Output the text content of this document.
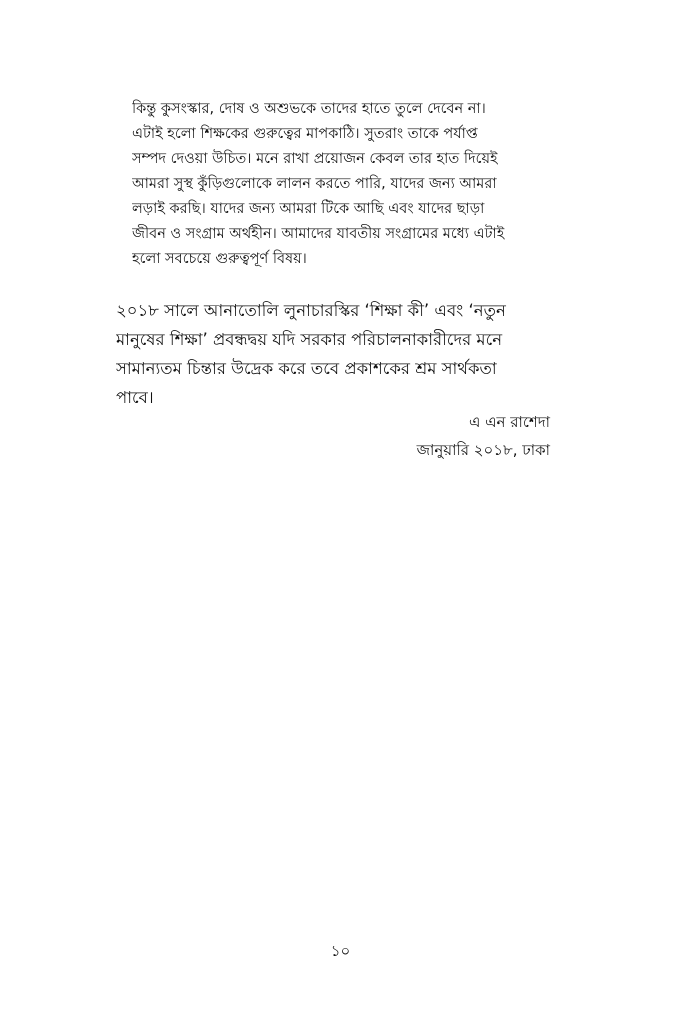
কিন্তু কুসংস্কার, দোষ ও অশুভকে তাদের হাতে তুলে দেবেন না।
এটাই হলো শিক্ষকের গুরুত্বের মাপকাঠি। সুতরাং তাকে পর্যাপ্ত
সম্পদ দেওয়া উচিত। মনে রাখা প্রয়োজন কেবল তার হাত দিয়েই
আমরা সুস্থ কুঁড়িগুলোকে লালন করতে পারি, যাদের জন্য আমরা
লড়াই করছি। যাদের জন্য আমরা টিকে আছি এবং যাদের ছাড়া
জীবন ও সংগ্রাম অর্থহীন। আমাদের যাবতীয় সংগ্রামের মধ্যে এটাই
হলো সবচেয়ে গুরুত্বপূর্ণ বিষয়।
২০১৮ সালে আনাতোলি লুনাচারস্কির ‘শিক্ষা কী’ এবং ‘নতুন
মানুষের শিক্ষা’ প্রবন্ধদ্বয় যদি সরকার পরিচালনাকারীদের মনে
সামান্যতম চিন্তার উদ্রেক করে তবে প্রকাশকের শ্রম সার্থকতা
পাবে।
এ এন রাশেদা
জানুয়ারি ২০১৮, ঢাকা
১০
